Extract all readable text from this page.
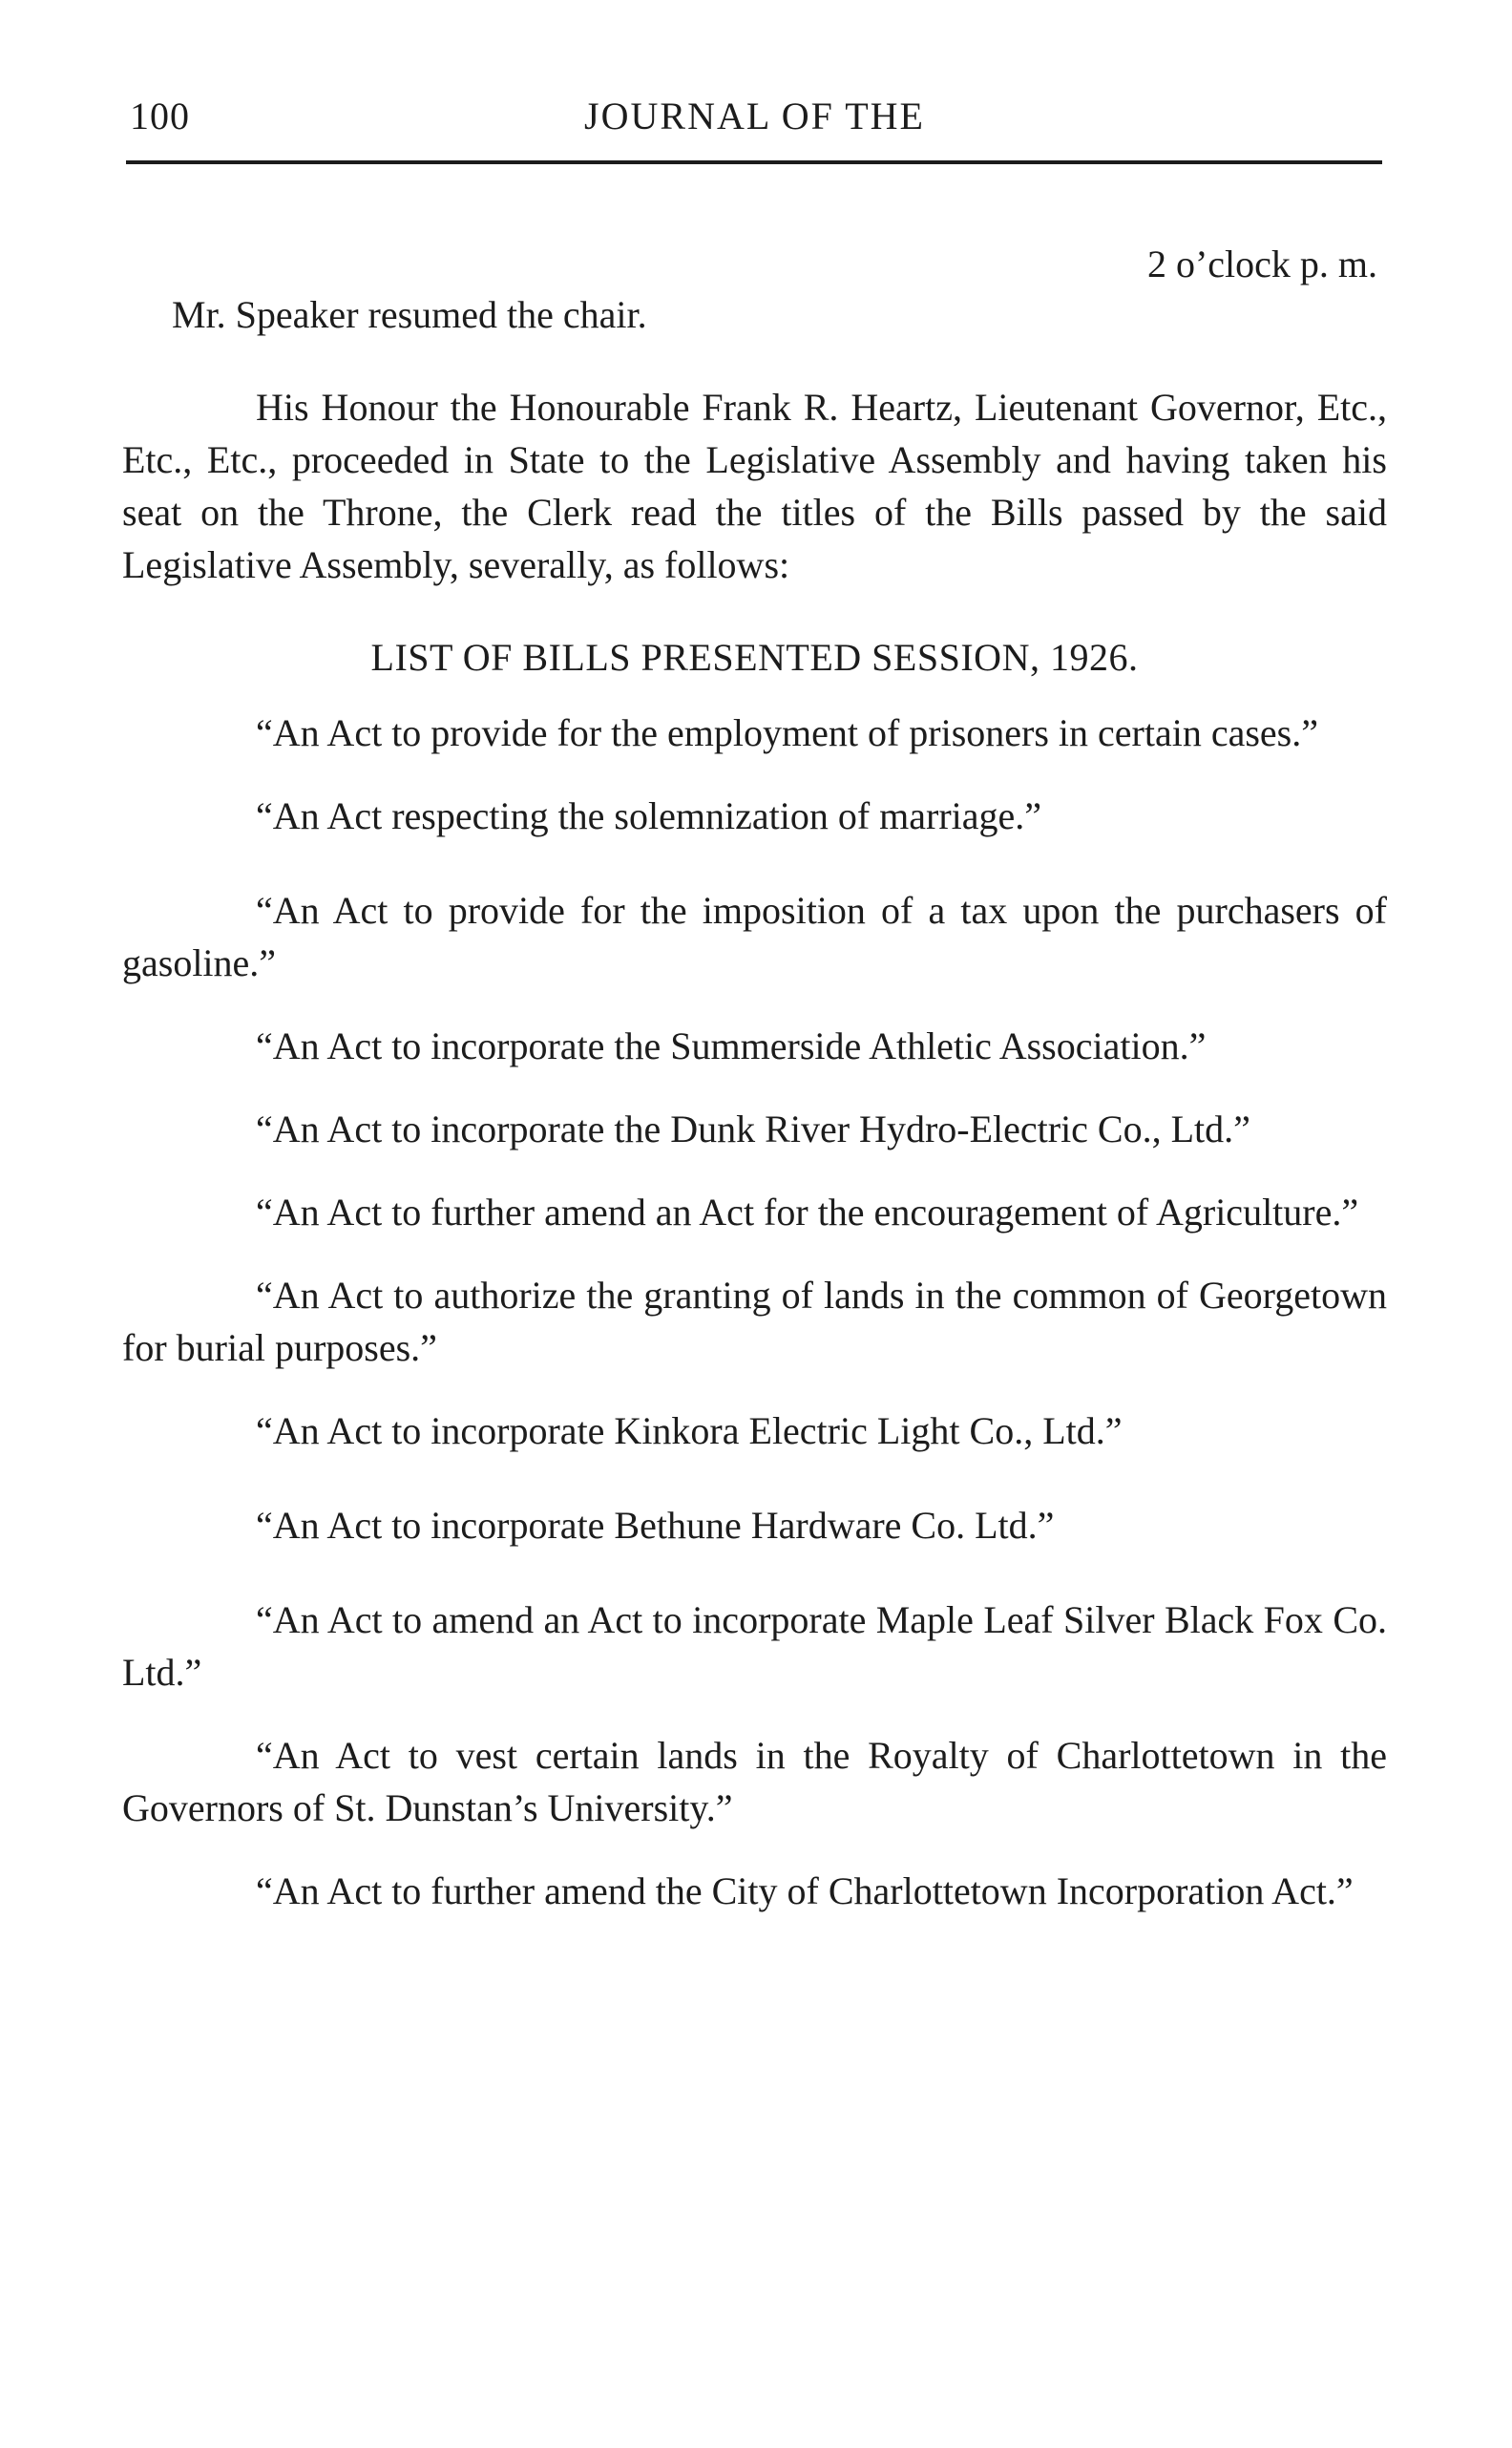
100	JOURNAL OF THE
2 o’clock p. m.

Mr. Speaker resumed the chair.

His Honour the Honourable Frank R. Heartz, Lieutenant Governor, Etc., Etc., Etc., proceeded in State to the Legislative Assembly and having taken his seat on the Throne, the Clerk read the titles of the Bills passed by the said Legislative Assembly, severally, as follows:

LIST OF BILLS PRESENTED SESSION, 1926.

“An Act to provide for the employment of prisoners in certain cases.”

“An Act respecting the solemnization of marriage.”

“An Act to provide for the imposition of a tax upon the purchasers of gasoline.”

“An Act to incorporate the Summerside Athletic Association.”

“An Act to incorporate the Dunk River Hydro-Electric Co., Ltd.”

“An Act to further amend an Act for the encouragement of Agriculture.”

“An Act to authorize the granting of lands in the common of Georgetown for burial purposes.”

“An Act to incorporate Kinkora Electric Light Co., Ltd.”

“An Act to incorporate Bethune Hardware Co. Ltd.”

“An Act to amend an Act to incorporate Maple Leaf Silver Black Fox Co. Ltd.”

“An Act to vest certain lands in the Royalty of Charlottetown in the Governors of St. Dunstan’s University.”

“An Act to further amend the City of Charlottetown Incorporation Act.”
